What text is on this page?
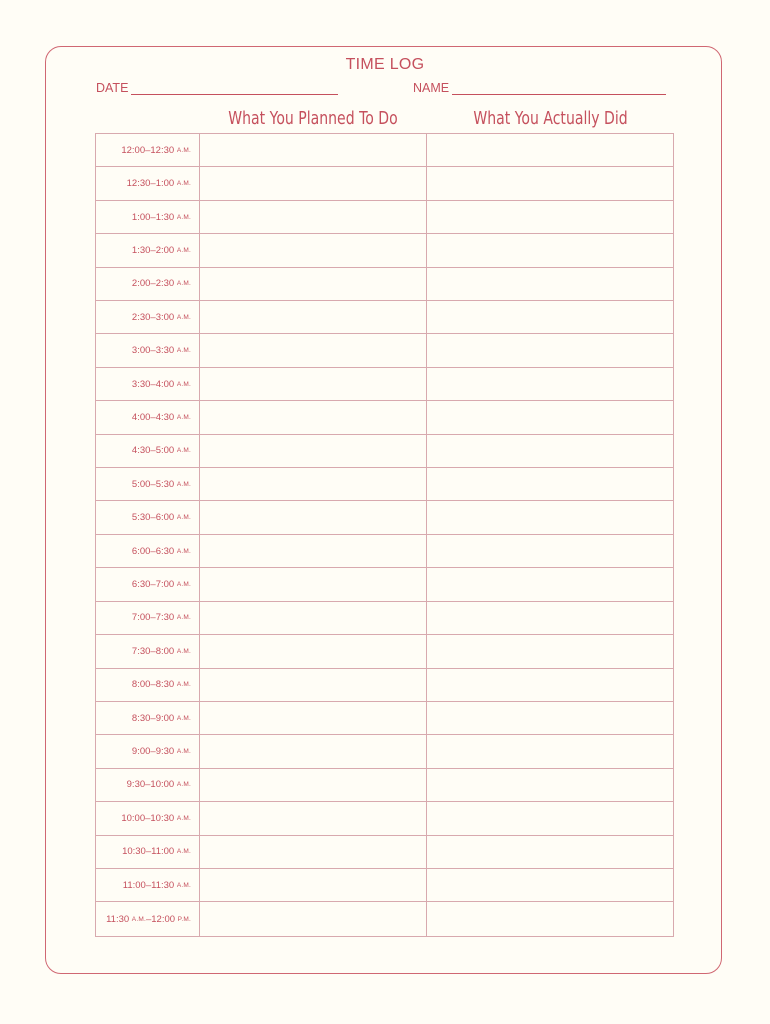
TIME LOG
DATE	NAME
What You Planned To Do	What You Actually Did
12:00–12:30
A.M.
12:30–1:00
A.M.
1:00–1:30
A.M.
1:30–2:00
A.M.
2:00–2:30
A.M.
2:30–3:00
A.M.
3:00–3:30
A.M.
3:30–4:00
A.M.
4:00–4:30
A.M.
4:30–5:00
A.M.
5:00–5:30
A.M.
5:30–6:00
A.M.
6:00–6:30
A.M.
6:30–7:00
A.M.
7:00–7:30
A.M.
7:30–8:00
A.M.
8:00–8:30
A.M.
8:30–9:00
A.M.
9:00–9:30
A.M.
9:30–10:00
A.M.
10:00–10:30
A.M.
10:30–11:00
A.M.
11:00–11:30
A.M.
11:30
A.M. –12:00
P.M.
